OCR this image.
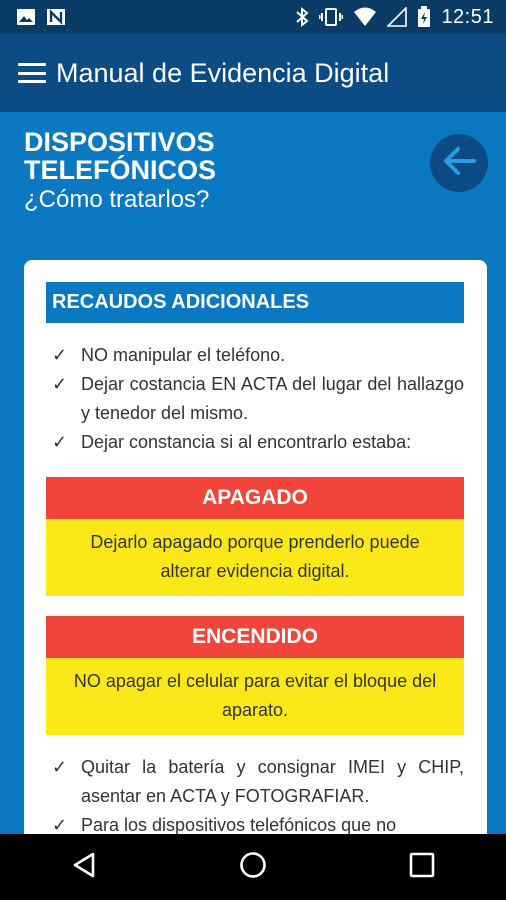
12:51
Manual de Evidencia Digital
DISPOSITIVOS TELEFÓNICOS
¿Cómo tratarlos?
RECAUDOS ADICIONALES
✓ NO manipular el teléfono.
✓ Dejar costancia EN ACTA del lugar del hallazgo y tenedor del mismo.
✓ Dejar constancia si al encontrarlo estaba:
APAGADO
Dejarlo apagado porque prenderlo puede alterar evidencia digital.
ENCENDIDO
NO apagar el celular para evitar el bloque del aparato.
✓ Quitar la batería y consignar IMEI y CHIP, asentar en ACTA y FOTOGRAFIAR.
✓ Para los dispositivos telefónicos que no
